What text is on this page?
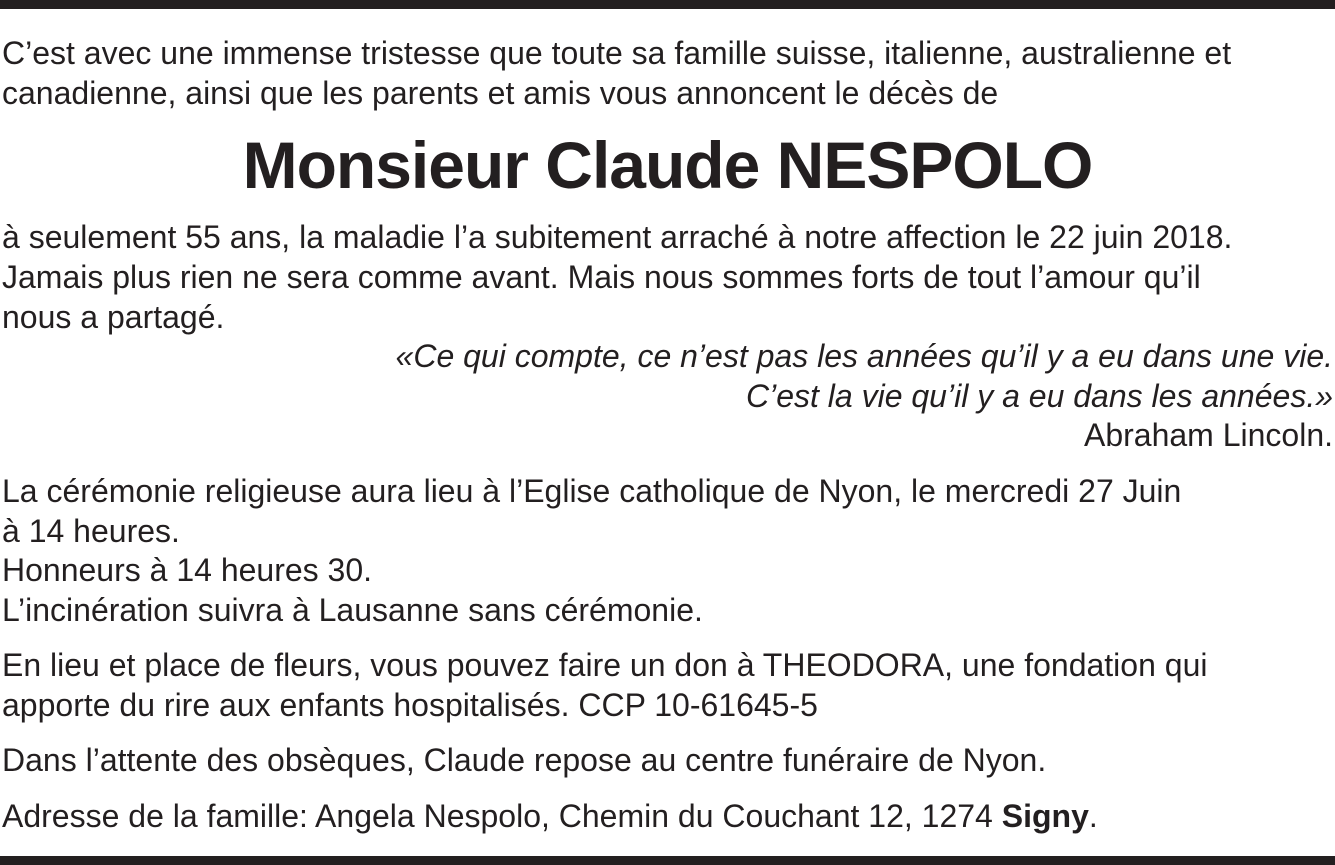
C’est avec une immense tristesse que toute sa famille suisse, italienne, australienne et
canadienne, ainsi que les parents et amis vous annoncent le décès de
Monsieur Claude NESPOLO
à seulement 55 ans, la maladie l’a subitement arraché à notre affection le 22 juin 2018.
Jamais plus rien ne sera comme avant. Mais nous sommes forts de tout l’amour qu’il
nous a partagé.
«Ce qui compte, ce n’est pas les années qu’il y a eu dans une vie.
C’est la vie qu’il y a eu dans les années.»
Abraham Lincoln.
La cérémonie religieuse aura lieu à l’Eglise catholique de Nyon, le mercredi 27 Juin
à 14 heures.
Honneurs à 14 heures 30.
L’incinération suivra à Lausanne sans cérémonie.
En lieu et place de fleurs, vous pouvez faire un don à THEODORA, une fondation qui
apporte du rire aux enfants hospitalisés. CCP 10-61645-5
Dans l’attente des obsèques, Claude repose au centre funéraire de Nyon.
Adresse de la famille: Angela Nespolo, Chemin du Couchant 12, 1274 Signy.
